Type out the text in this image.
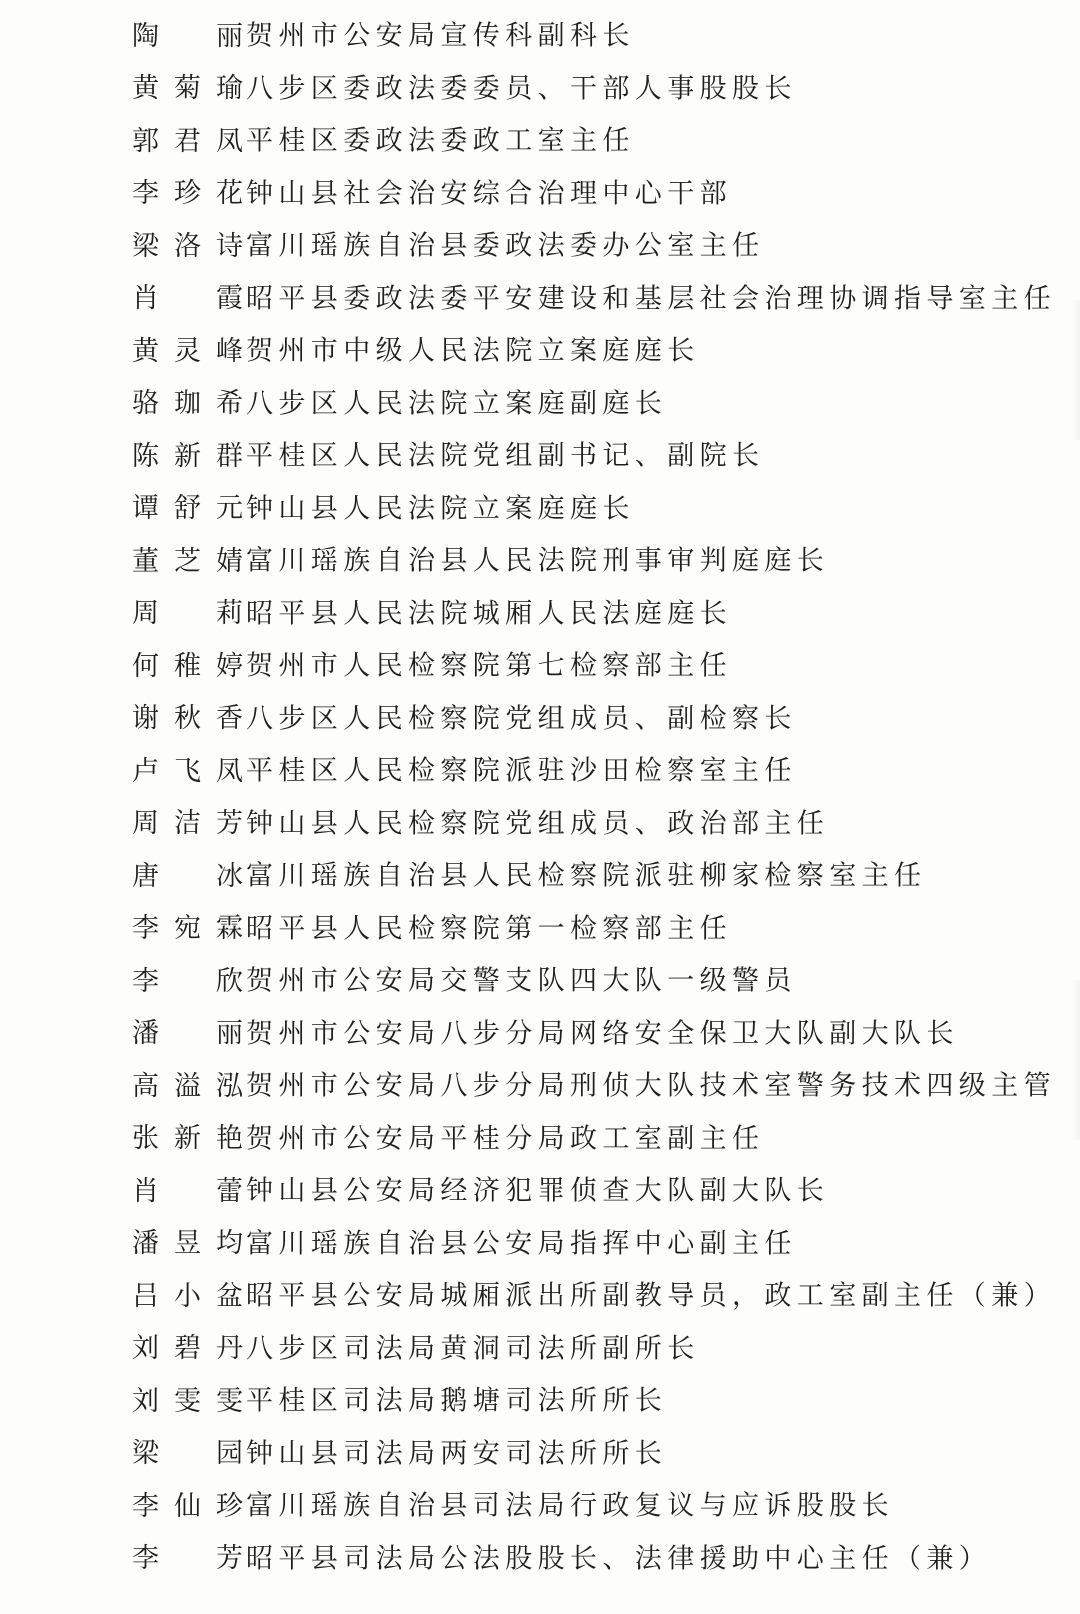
陶　丽 贺州市公安局宣传科副科长
黄菊瑜 八步区委政法委委员、干部人事股股长
郭君凤 平桂区委政法委政工室主任
李珍花 钟山县社会治安综合治理中心干部
梁洛诗 富川瑶族自治县委政法委办公室主任
肖　霞 昭平县委政法委平安建设和基层社会治理协调指导室主任
黄灵峰 贺州市中级人民法院立案庭庭长
骆珈希 八步区人民法院立案庭副庭长
陈新群 平桂区人民法院党组副书记、副院长
谭舒元 钟山县人民法院立案庭庭长
董芝婧 富川瑶族自治县人民法院刑事审判庭庭长
周　莉 昭平县人民法院城厢人民法庭庭长
何稚婷 贺州市人民检察院第七检察部主任
谢秋香 八步区人民检察院党组成员、副检察长
卢飞凤 平桂区人民检察院派驻沙田检察室主任
周洁芳 钟山县人民检察院党组成员、政治部主任
唐　冰 富川瑶族自治县人民检察院派驻柳家检察室主任
李宛霖 昭平县人民检察院第一检察部主任
李　欣 贺州市公安局交警支队四大队一级警员
潘　丽 贺州市公安局八步分局网络安全保卫大队副大队长
高溢泓 贺州市公安局八步分局刑侦大队技术室警务技术四级主管
张新艳 贺州市公安局平桂分局政工室副主任
肖　蕾 钟山县公安局经济犯罪侦查大队副大队长
潘昱均 富川瑶族自治县公安局指挥中心副主任
吕小盆 昭平县公安局城厢派出所副教导员，政工室副主任（兼）
刘碧丹 八步区司法局黄洞司法所副所长
刘雯雯 平桂区司法局鹅塘司法所所长
梁　园 钟山县司法局两安司法所所长
李仙珍 富川瑶族自治县司法局行政复议与应诉股股长
李　芳 昭平县司法局公法股股长、法律援助中心主任（兼）
